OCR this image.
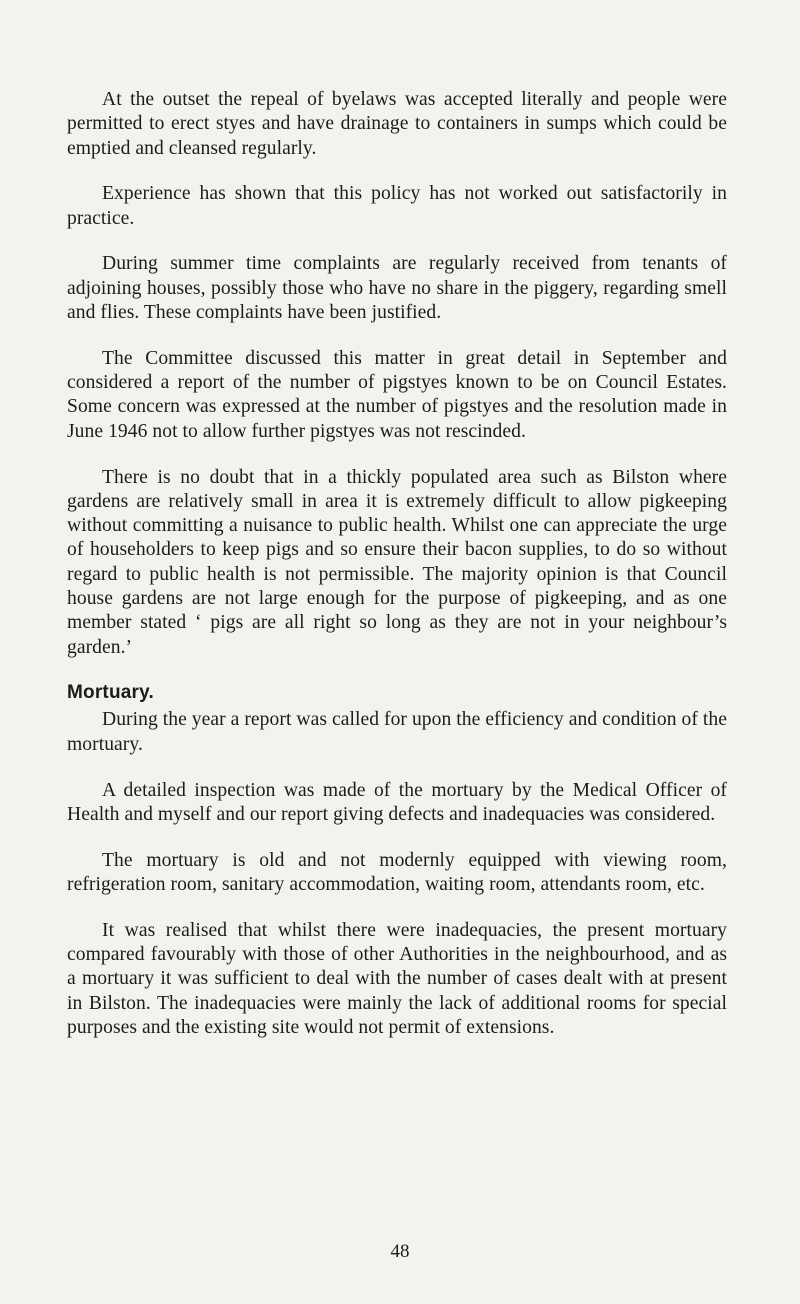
At the outset the repeal of byelaws was accepted literally and people were permitted to erect styes and have drainage to containers in sumps which could be emptied and cleansed regularly.

Experience has shown that this policy has not worked out satisfactorily in practice.

During summer time complaints are regularly received from tenants of adjoining houses, possibly those who have no share in the piggery, regarding smell and flies. These complaints have been justified.

The Committee discussed this matter in great detail in September and considered a report of the number of pigstyes known to be on Council Estates. Some concern was expressed at the number of pigstyes and the resolution made in June 1946 not to allow further pigstyes was not rescinded.

There is no doubt that in a thickly populated area such as Bilston where gardens are relatively small in area it is extremely difficult to allow pigkeeping without committing a nuisance to public health. Whilst one can appreciate the urge of householders to keep pigs and so ensure their bacon supplies, to do so without regard to public health is not permissible. The majority opinion is that Council house gardens are not large enough for the purpose of pigkeeping, and as one member stated ‘ pigs are all right so long as they are not in your neighbour’s garden.’

Mortuary.

During the year a report was called for upon the efficiency and condition of the mortuary.

A detailed inspection was made of the mortuary by the Medical Officer of Health and myself and our report giving defects and inadequacies was considered.

The mortuary is old and not modernly equipped with viewing room, refrigeration room, sanitary accommodation, waiting room, attendants room, etc.

It was realised that whilst there were inadequacies, the present mortuary compared favourably with those of other Authorities in the neighbourhood, and as a mortuary it was sufficient to deal with the number of cases dealt with at present in Bilston. The inadequacies were mainly the lack of additional rooms for special purposes and the existing site would not permit of extensions.

48
